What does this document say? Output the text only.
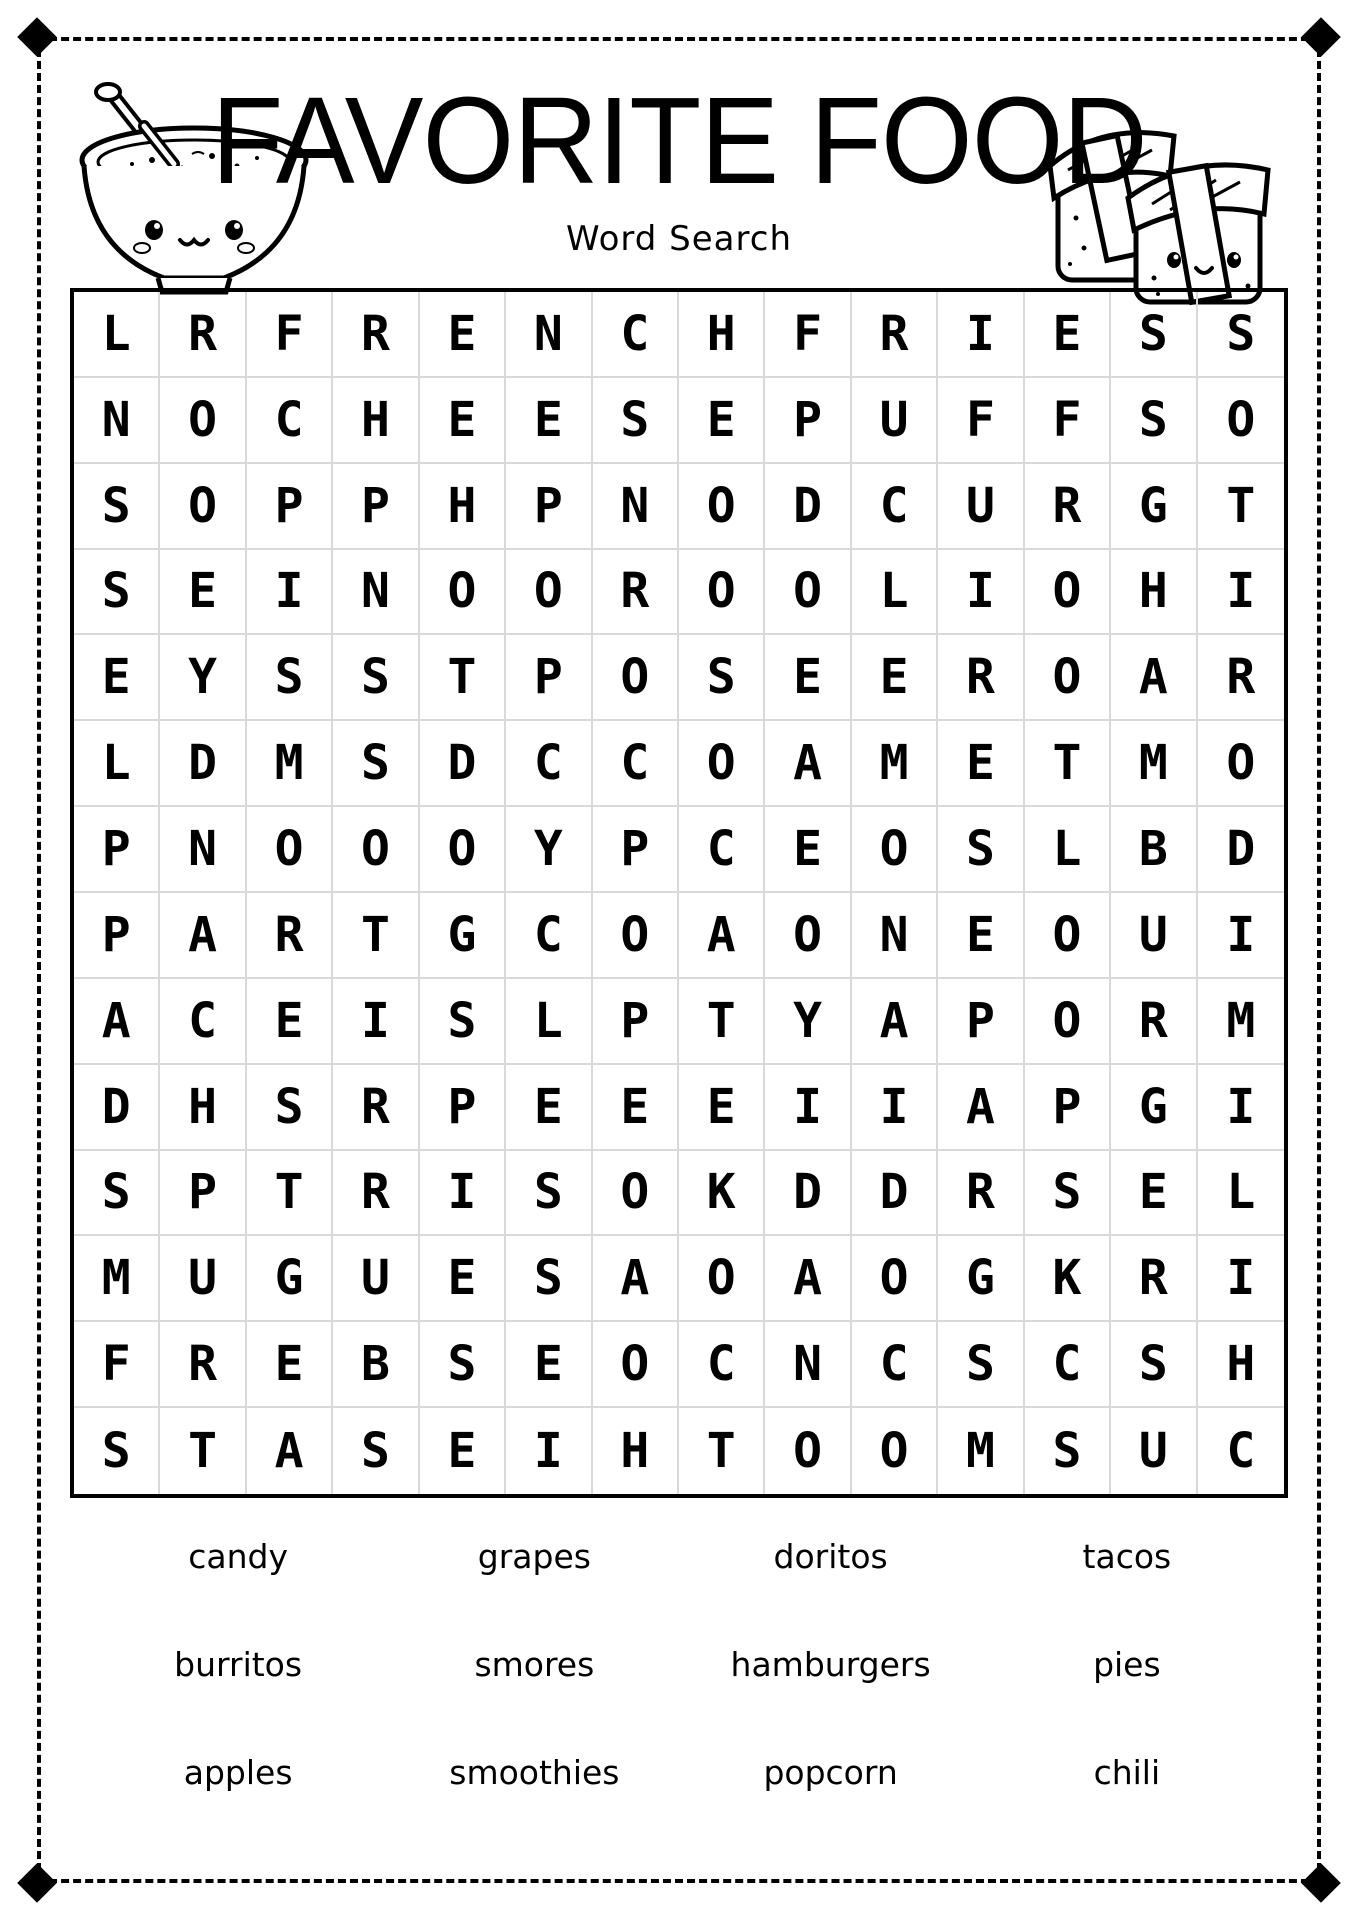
FAVORITE FOOD
Word Search
L	R	F	R	E	N	C	H	F	R	I	E	S	S
N	O	C	H	E	E	S	E	P	U	F	F	S	O
S	O	P	P	H	P	N	O	D	C	U	R	G	T
S	E	I	N	O	O	R	O	O	L	I	O	H	I
E	Y	S	S	T	P	O	S	E	E	R	O	A	R
L	D	M	S	D	C	C	O	A	M	E	T	M	O
P	N	O	O	O	Y	P	C	E	O	S	L	B	D
P	A	R	T	G	C	O	A	O	N	E	O	U	I
A	C	E	I	S	L	P	T	Y	A	P	O	R	M
D	H	S	R	P	E	E	E	I	I	A	P	G	I
S	P	T	R	I	S	O	K	D	D	R	S	E	L
M	U	G	U	E	S	A	O	A	O	G	K	R	I
F	R	E	B	S	E	O	C	N	C	S	C	S	H
S	T	A	S	E	I	H	T	O	O	M	S	U	C
candy	grapes	doritos	tacos
burritos	smores	hamburgers	pies
apples	smoothies	popcorn	chili
